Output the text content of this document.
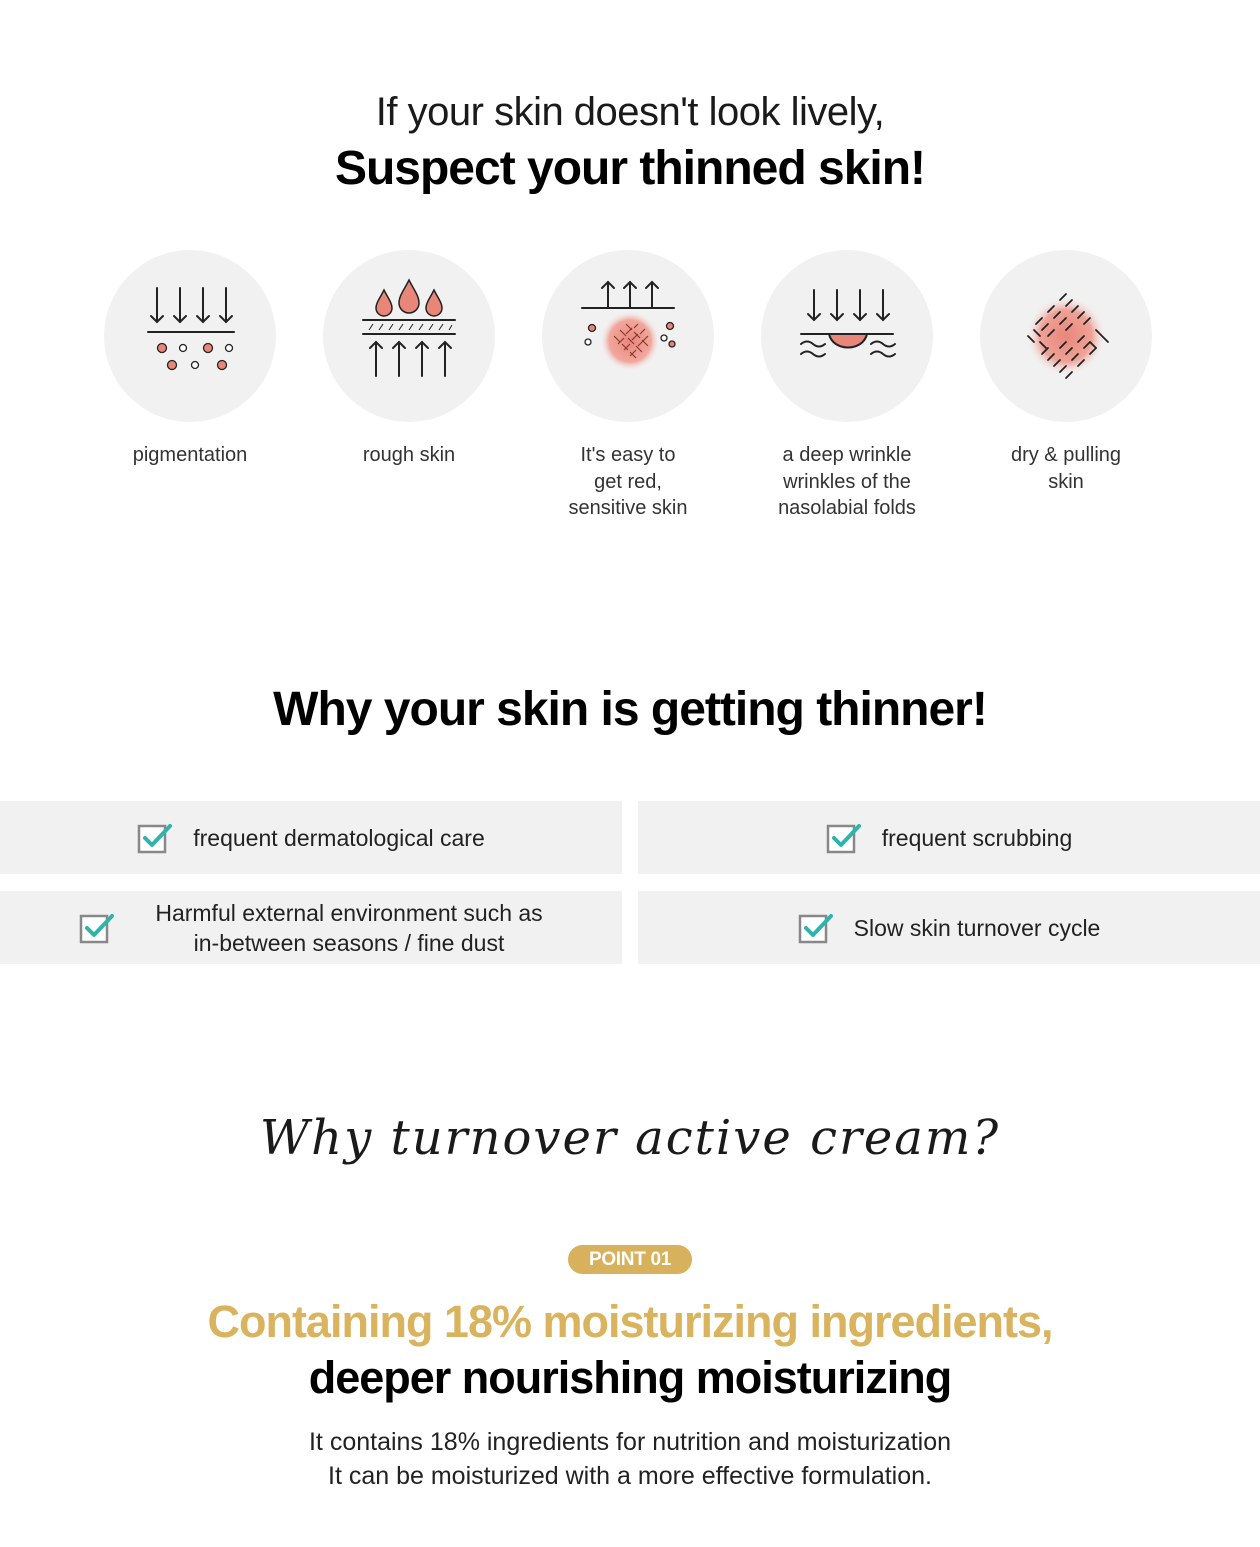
If your skin doesn't look lively,
Suspect your thinned skin!
pigmentation	rough skin	It's easy to
get red,
sensitive skin
a deep wrinkle
wrinkles of the
nasolabial folds
dry & pulling
skin
Why your skin is getting thinner!
frequent dermatological care	frequent scrubbing
Harmful external environment such as
in-between seasons / fine dust
Slow skin turnover cycle
Why turnover active cream?
POINT 01
Containing 18% moisturizing ingredients,
deeper nourishing moisturizing
It contains 18% ingredients for nutrition and moisturization
It can be moisturized with a more effective formulation.
